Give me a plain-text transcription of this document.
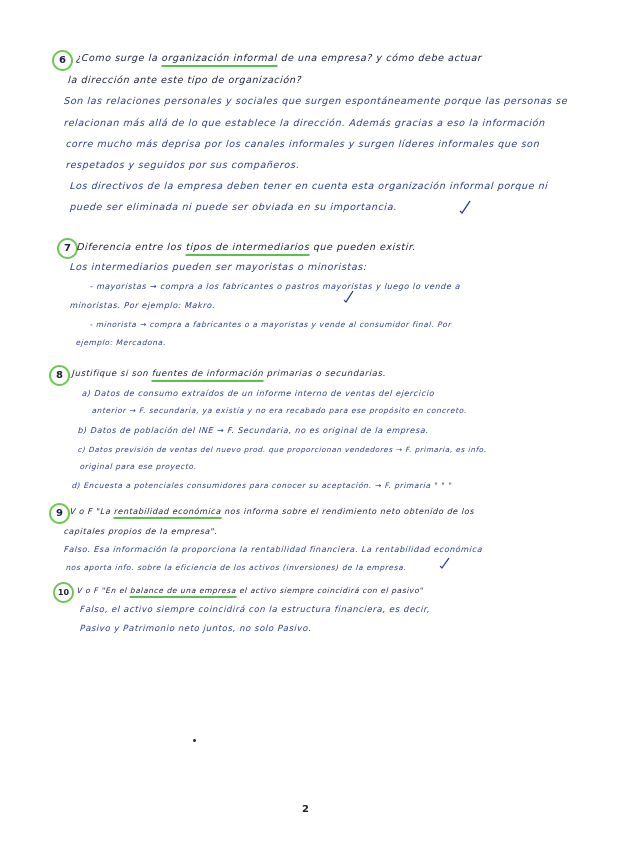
6	¿Como surge la organización informal de una empresa? y cómo debe actuar
la dirección ante este tipo de organización?
Son las relaciones personales y sociales que surgen espontáneamente porque las personas se
relacionan más allá de lo que establece la dirección. Además gracias a eso la información
corre mucho más deprisa por los canales informales y surgen líderes informales que son
respetados y seguidos por sus compañeros.
Los directivos de la empresa deben tener en cuenta esta organización informal porque ni
puede ser eliminada ni puede ser obviada en su importancia.
7 Diferencia entre los tipos de intermediarios que pueden existir.
Los intermediarios pueden ser mayoristas o minoristas:
- mayoristas → compra a los fabricantes o pastros mayoristas y luego lo vende a
minoristas. Por ejemplo: Makro.
- minorista → compra a fabricantes o a mayoristas y vende al consumidor final. Por
ejemplo: Mercadona.
8	Justifique si son fuentes de información primarias o secundarias.
a) Datos de consumo extraídos de un informe interno de ventas del ejercicio
anterior → F. secundaria, ya existía y no era recabado para ese propósito en concreto.
b) Datos de población del INE → F. Secundaria, no es original de la empresa.
c) Datos previsión de ventas del nuevo prod. que proporcionan vendedores → F. primaria, es info.
original para ese proyecto.
d) Encuesta a potenciales consumidores para conocer su aceptación. → F. primaria " " "
9 V o F "La rentabilidad económica nos informa sobre el rendimiento neto obtenido de los
capitales propios de la empresa".
Falso. Esa información la proporciona la rentabilidad financiera. La rentabilidad económica
nos aporta info. sobre la eficiencia de los activos (inversiones) de la empresa.
10	V o F "En el balance de una empresa el activo siempre coincidirá con el pasivo"
Falso, el activo siempre coincidirá con la estructura financiera, es decir,
Pasivo y Patrimonio neto juntos, no solo Pasivo.
2
